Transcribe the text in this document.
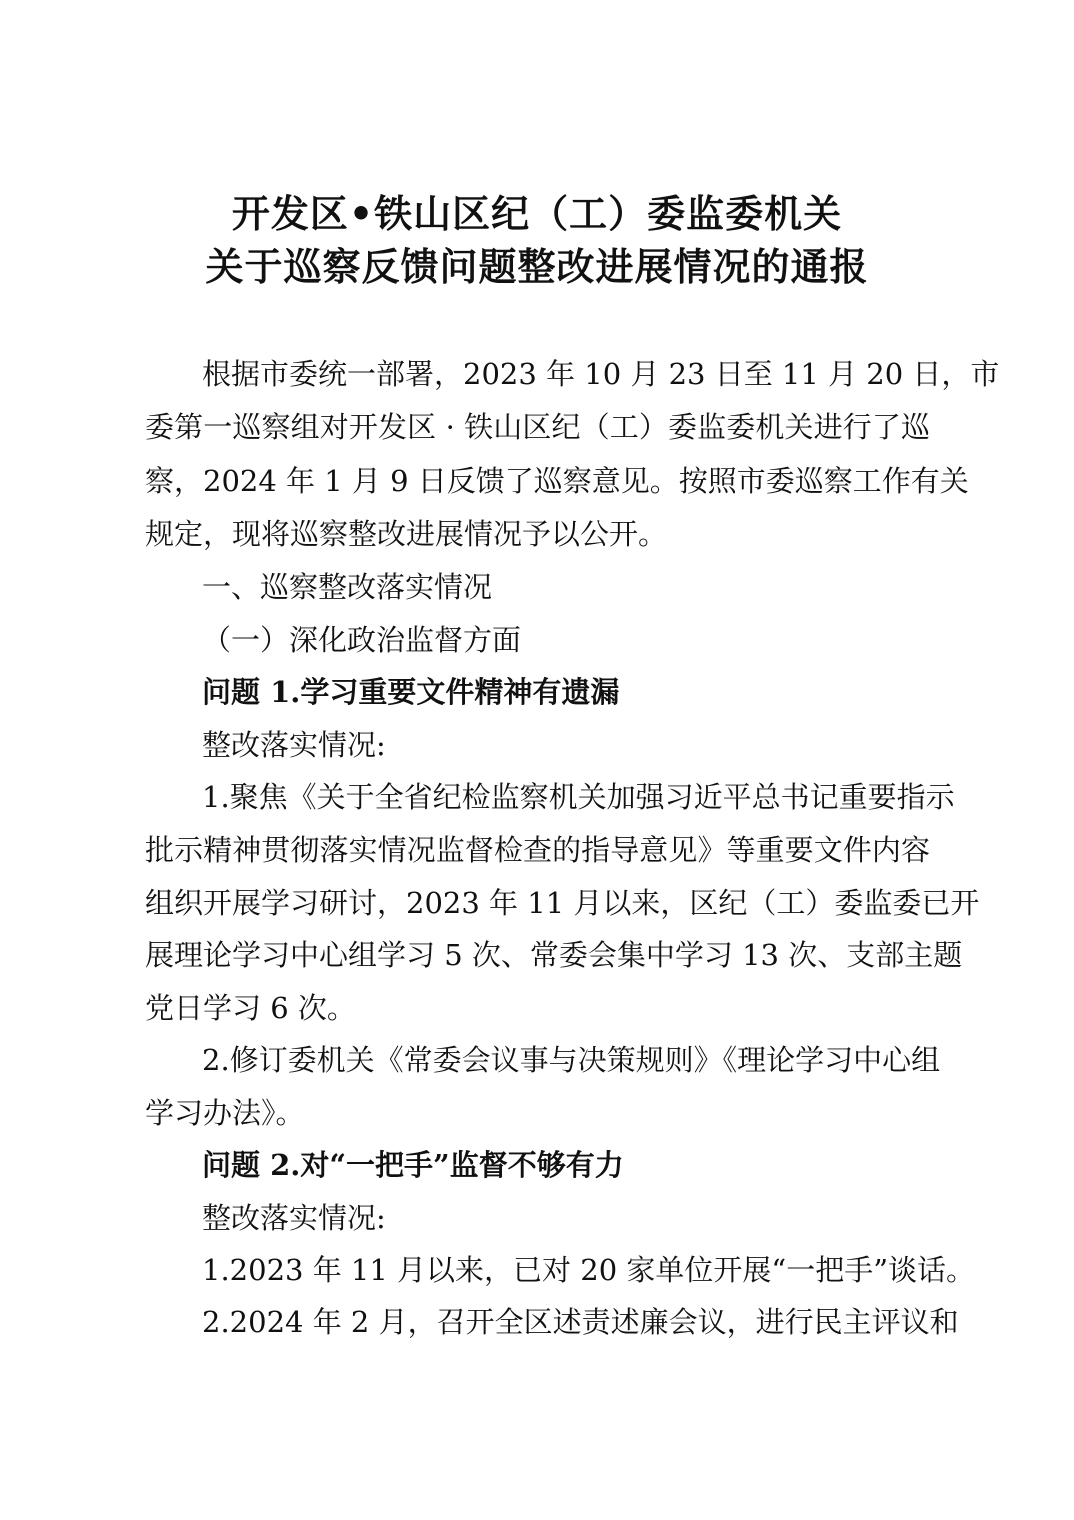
开发区•铁山区纪（工）委监委机关
关于巡察反馈问题整改进展情况的通报
根据市委统一部署，2023 年 10 月 23 日至 11 月 20 日，市
委第一巡察组对开发区 · 铁山区纪（工）委监委机关进行了巡
察，2024 年 1 月 9 日反馈了巡察意见。按照市委巡察工作有关
规定，现将巡察整改进展情况予以公开。
一、巡察整改落实情况
（一）深化政治监督方面
问题 1.学习重要文件精神有遗漏
整改落实情况:
1.聚焦《关于全省纪检监察机关加强习近平总书记重要指示
批示精神贯彻落实情况监督检查的指导意见》等重要文件内容
组织开展学习研讨，2023 年 11 月以来，区纪（工）委监委已开
展理论学习中心组学习 5 次、常委会集中学习 13 次、支部主题
党日学习 6 次。
2.修订委机关《常委会议事与决策规则》《理论学习中心组
学习办法》。
问题 2.对“一把手”监督不够有力
整改落实情况:
1.2023 年 11 月以来，已对 20 家单位开展“一把手”谈话。
2.2024 年 2 月，召开全区述责述廉会议，进行民主评议和
